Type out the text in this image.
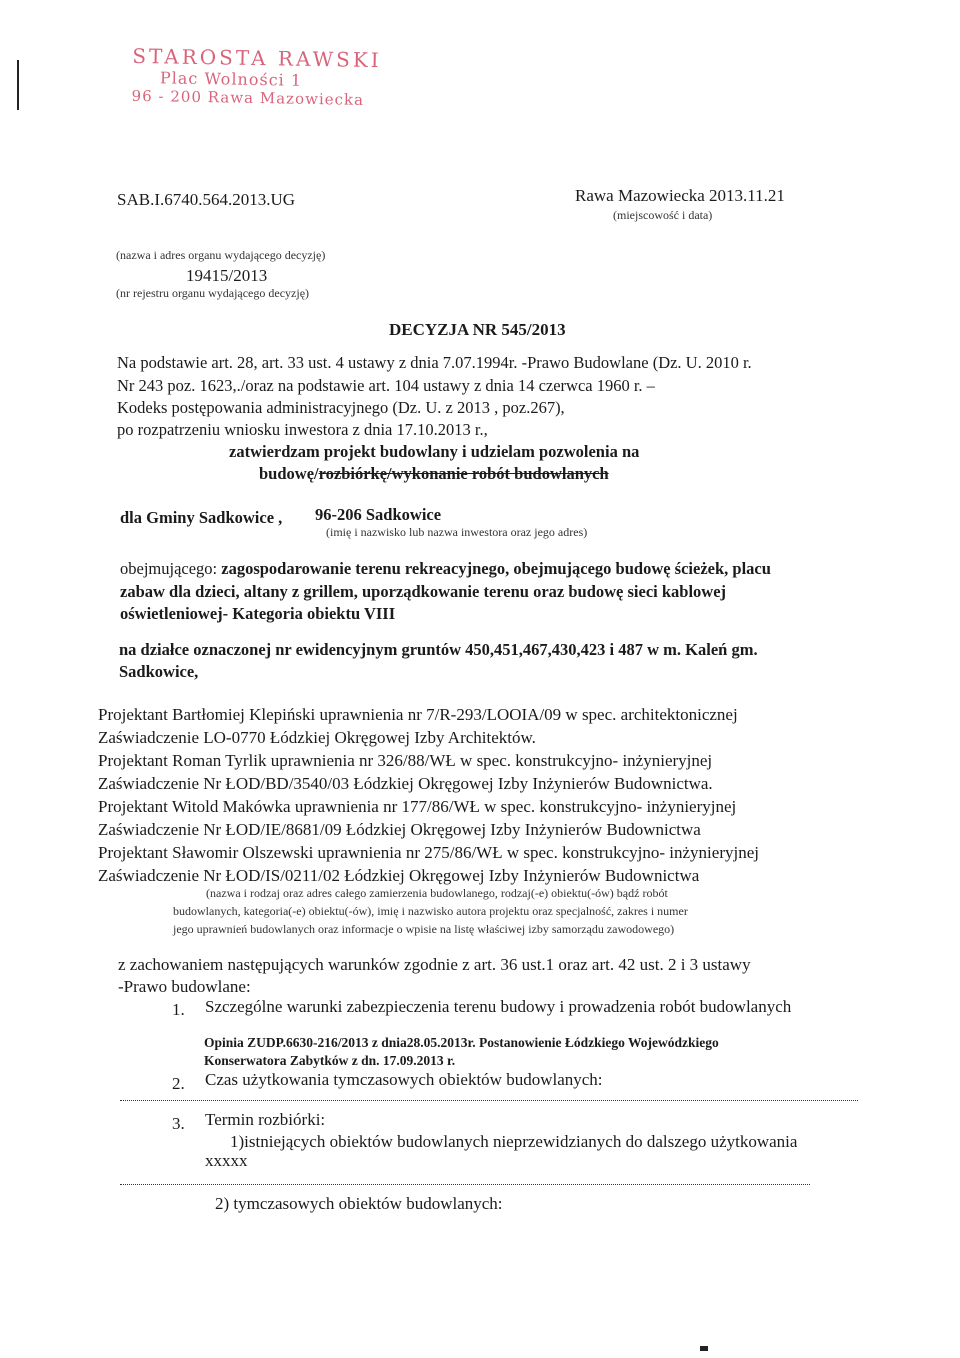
STAROSTA RAWSKI
Plac Wolności 1
96 - 200 Rawa Mazowiecka
SAB.I.6740.564.2013.UG	Rawa Mazowiecka 2013.11.21
(miejscowość i data)
(nazwa i adres organu wydającego decyzję)
19415/2013
(nr rejestru organu wydającego decyzję)
DECYZJA NR 545/2013
Na podstawie art. 28, art. 33 ust. 4 ustawy z dnia 7.07.1994r. -Prawo Budowlane (Dz. U. 2010 r.
Nr 243 poz. 1623,./oraz na podstawie art. 104 ustawy z dnia 14 czerwca 1960 r. –
Kodeks postępowania administracyjnego (Dz. U. z 2013 , poz.267),
po rozpatrzeniu wniosku inwestora z dnia 17.10.2013 r.,
zatwierdzam projekt budowlany i udzielam pozwolenia na
budowę/rozbiórkę/wykonanie robót budowlanych
dla Gminy Sadkowice , 96-206 Sadkowice
(imię i nazwisko lub nazwa inwestora oraz jego adres)
obejmującego: zagospodarowanie terenu rekreacyjnego, obejmującego budowę ścieżek, placu
zabaw dla dzieci, altany z grillem, uporządkowanie terenu oraz budowę sieci kablowej
oświetleniowej- Kategoria obiektu VIII
na działce oznaczonej nr ewidencyjnym gruntów 450,451,467,430,423 i 487 w m. Kaleń gm.
Sadkowice,
Projektant Bartłomiej Klepiński uprawnienia nr 7/R-293/LOOIA/09 w spec. architektonicznej
Zaświadczenie LO-0770 Łódzkiej Okręgowej Izby Architektów.
Projektant Roman Tyrlik uprawnienia nr 326/88/WŁ w spec. konstrukcyjno- inżynieryjnej
Zaświadczenie Nr ŁOD/BD/3540/03 Łódzkiej Okręgowej Izby Inżynierów Budownictwa.
Projektant Witold Makówka uprawnienia nr 177/86/WŁ w spec. konstrukcyjno- inżynieryjnej
Zaświadczenie Nr ŁOD/IE/8681/09 Łódzkiej Okręgowej Izby Inżynierów Budownictwa
Projektant Sławomir Olszewski uprawnienia nr 275/86/WŁ w spec. konstrukcyjno- inżynieryjnej
Zaświadczenie Nr ŁOD/IS/0211/02 Łódzkiej Okręgowej Izby Inżynierów Budownictwa
(nazwa i rodzaj oraz adres całego zamierzenia budowlanego, rodzaj(-e) obiektu(-ów) bądź robót
budowlanych, kategoria(-e) obiektu(-ów), imię i nazwisko autora projektu oraz specjalność, zakres i numer
jego uprawnień budowlanych oraz informacje o wpisie na listę właściwej izby samorządu zawodowego)
z zachowaniem następujących warunków zgodnie z art. 36 ust.1 oraz art. 42 ust. 2 i 3 ustawy
-Prawo budowlane:
1. Szczególne warunki zabezpieczenia terenu budowy i prowadzenia robót budowlanych
Opinia ZUDP.6630-216/2013 z dnia28.05.2013r. Postanowienie Łódzkiego Wojewódzkiego
Konserwatora Zabytków z dn. 17.09.2013 r.
2. Czas użytkowania tymczasowych obiektów budowlanych:
3. Termin rozbiórki:
1)istniejących obiektów budowlanych nieprzewidzianych do dalszego użytkowania
xxxxx
2) tymczasowych obiektów budowlanych:
